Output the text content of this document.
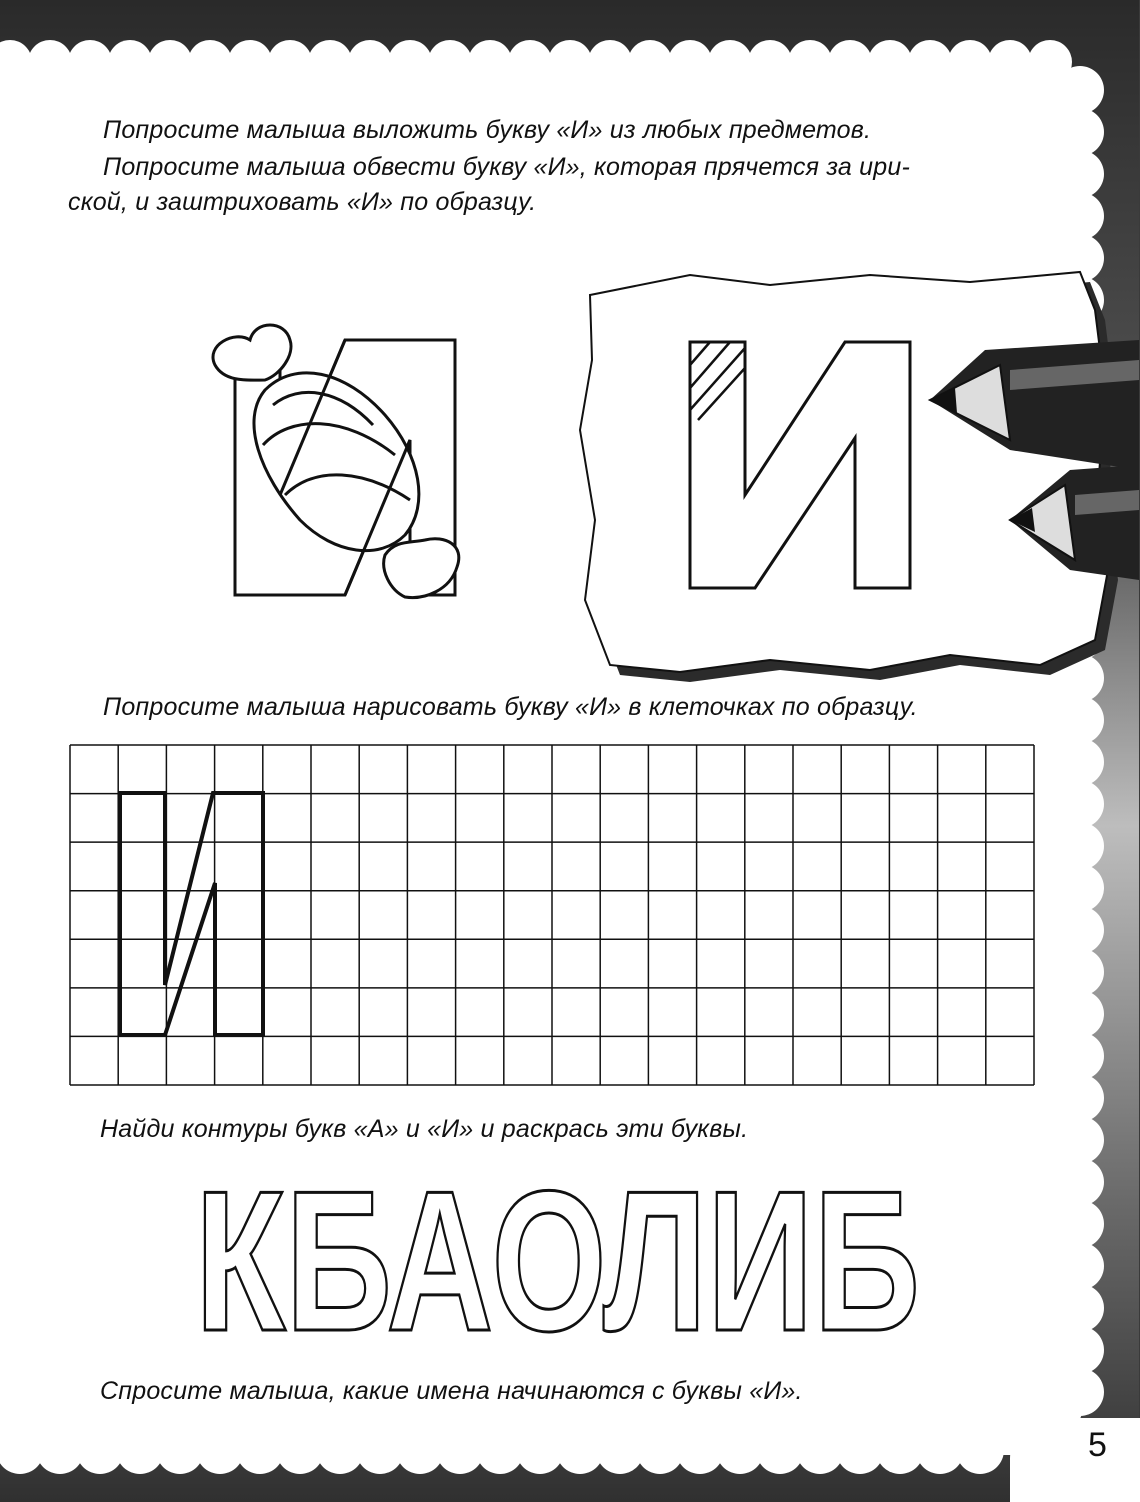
Попросите малыша выложить букву «И» из любых предметов.

Попросите малыша обвести букву «И», которая прячется за ири-

ской, и заштриховать «И» по образцу.

Попросите малыша нарисовать букву «И» в клеточках по образцу.

Найди контуры букв «А» и «И» и раскрась эти буквы.

КБАОЛИБ

Спросите малыша, какие имена начинаются с буквы «И».

5
